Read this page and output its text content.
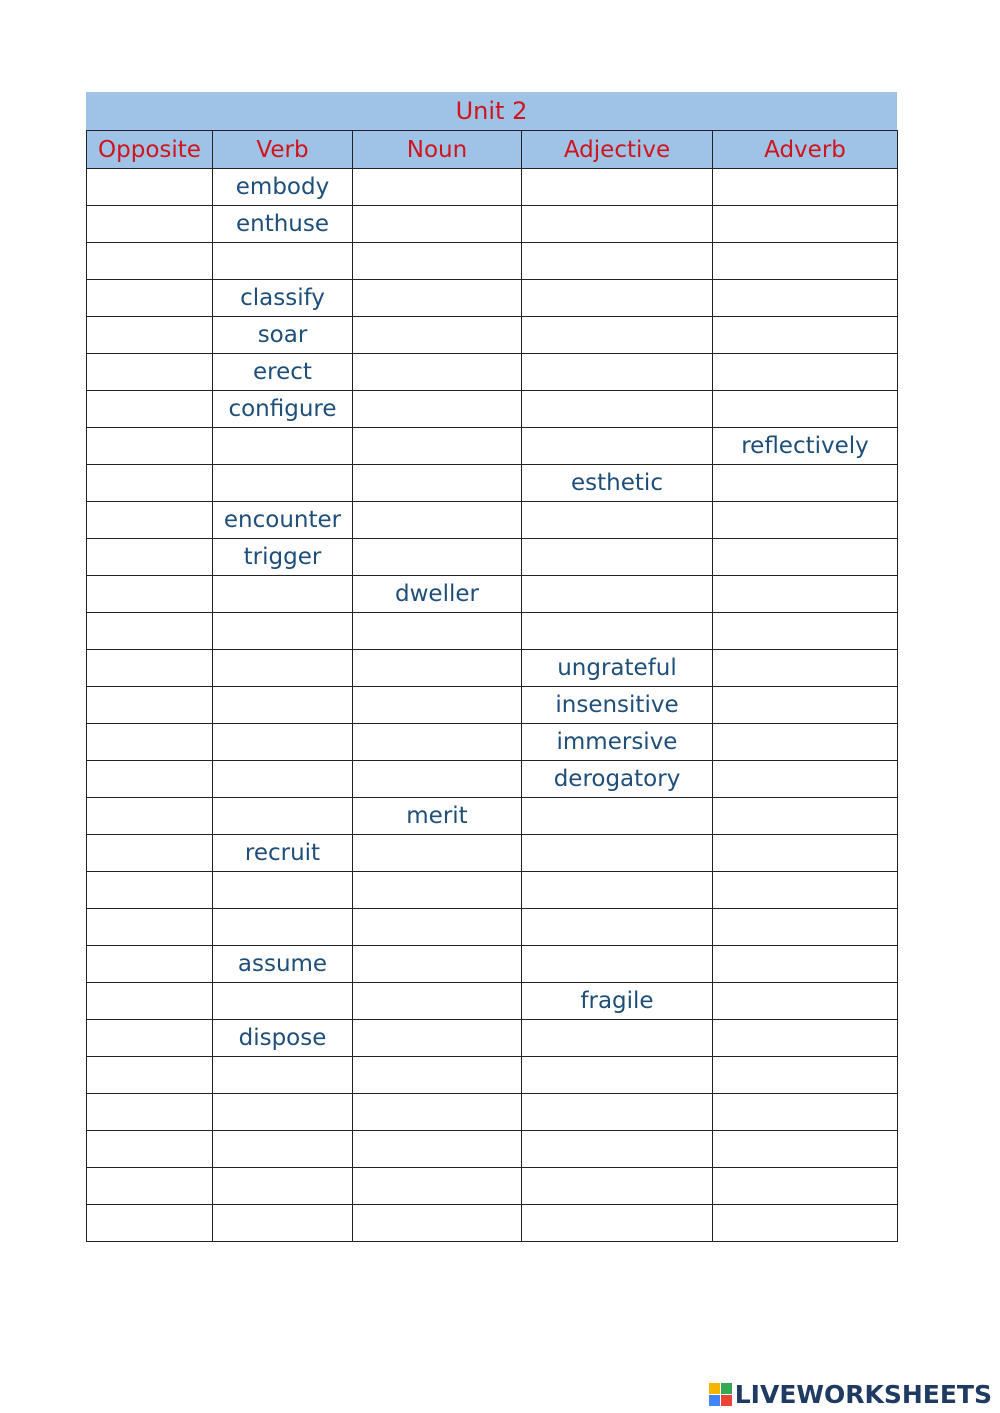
Unit 2
Opposite	Verb	Noun	Adjective	Adverb
	embody			
	enthuse			

	classify			
	soar			
	erect			
	configure			
				reflectively
			esthetic	
	encounter			
	trigger			
		dweller		

			ungrateful	
			insensitive	
			immersive	
			derogatory	
		merit		
	recruit			

	assume			
			fragile	
	dispose			

LIVEWORKSHEETS
